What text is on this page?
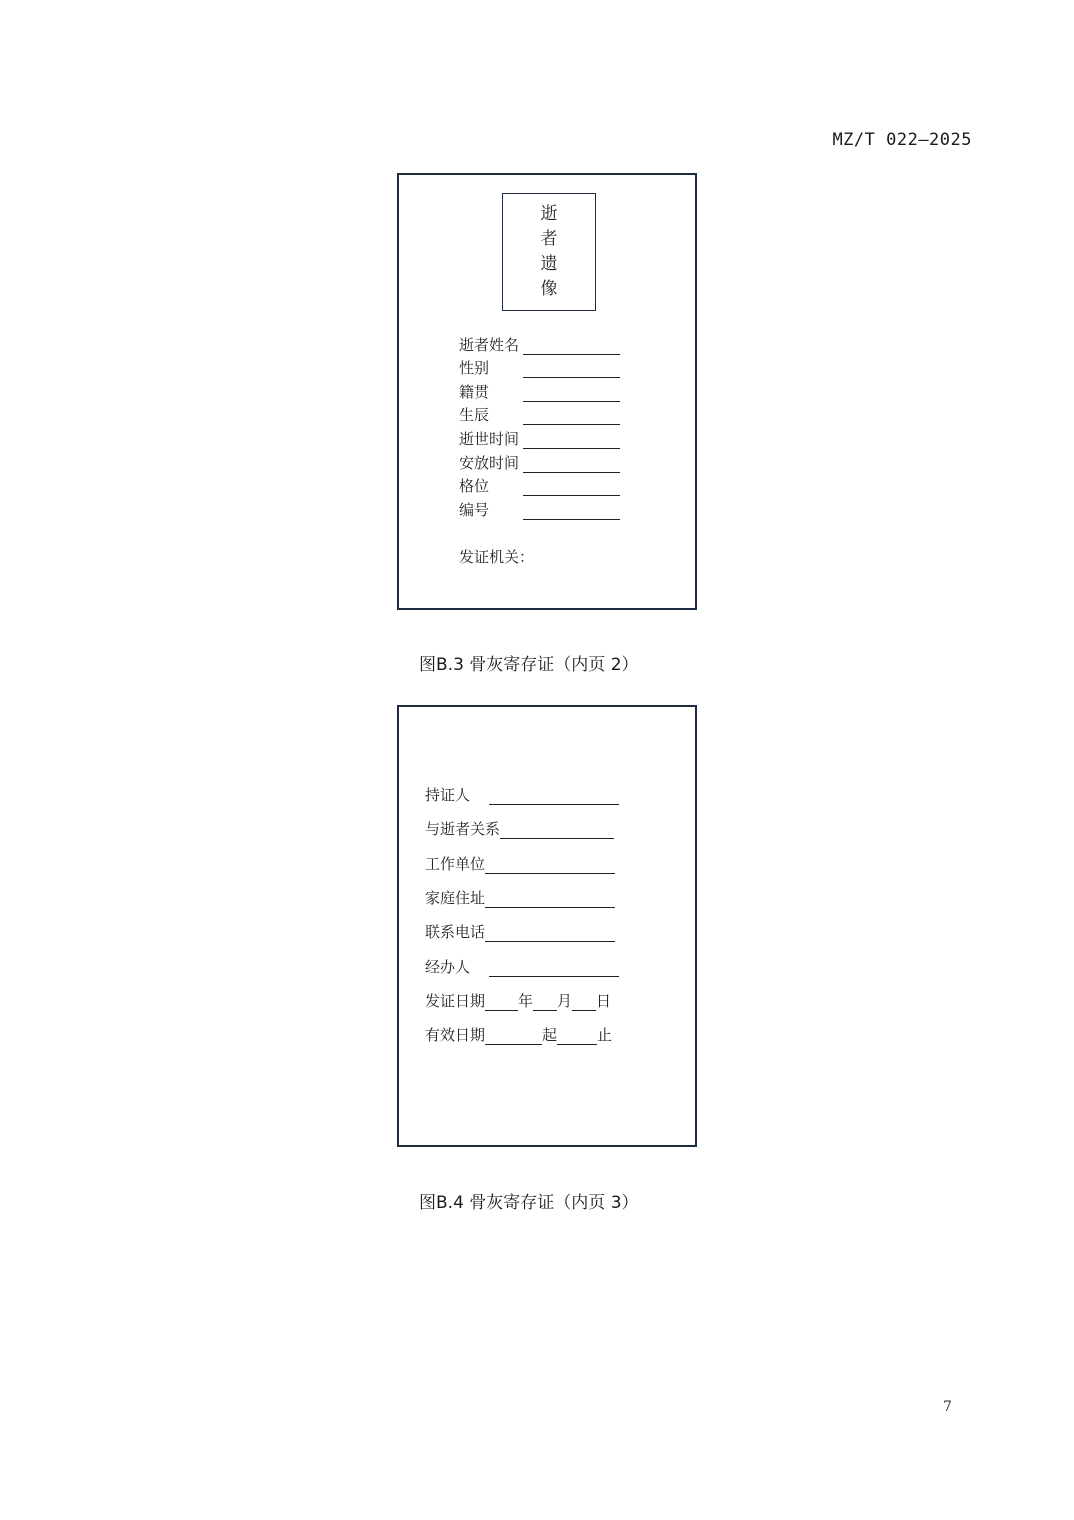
MZ/T 022—2025
逝
者
遗
像
逝者姓名
性别
籍贯
生辰
逝世时间
安放时间
格位
编号
发证机关：
图B.3 骨灰寄存证（内页 2）
持证人
与逝者关系
工作单位
家庭住址
联系电话
经办人
发证日期 年 月 日
有效日期	起	止
图B.4 骨灰寄存证（内页 3）
7
